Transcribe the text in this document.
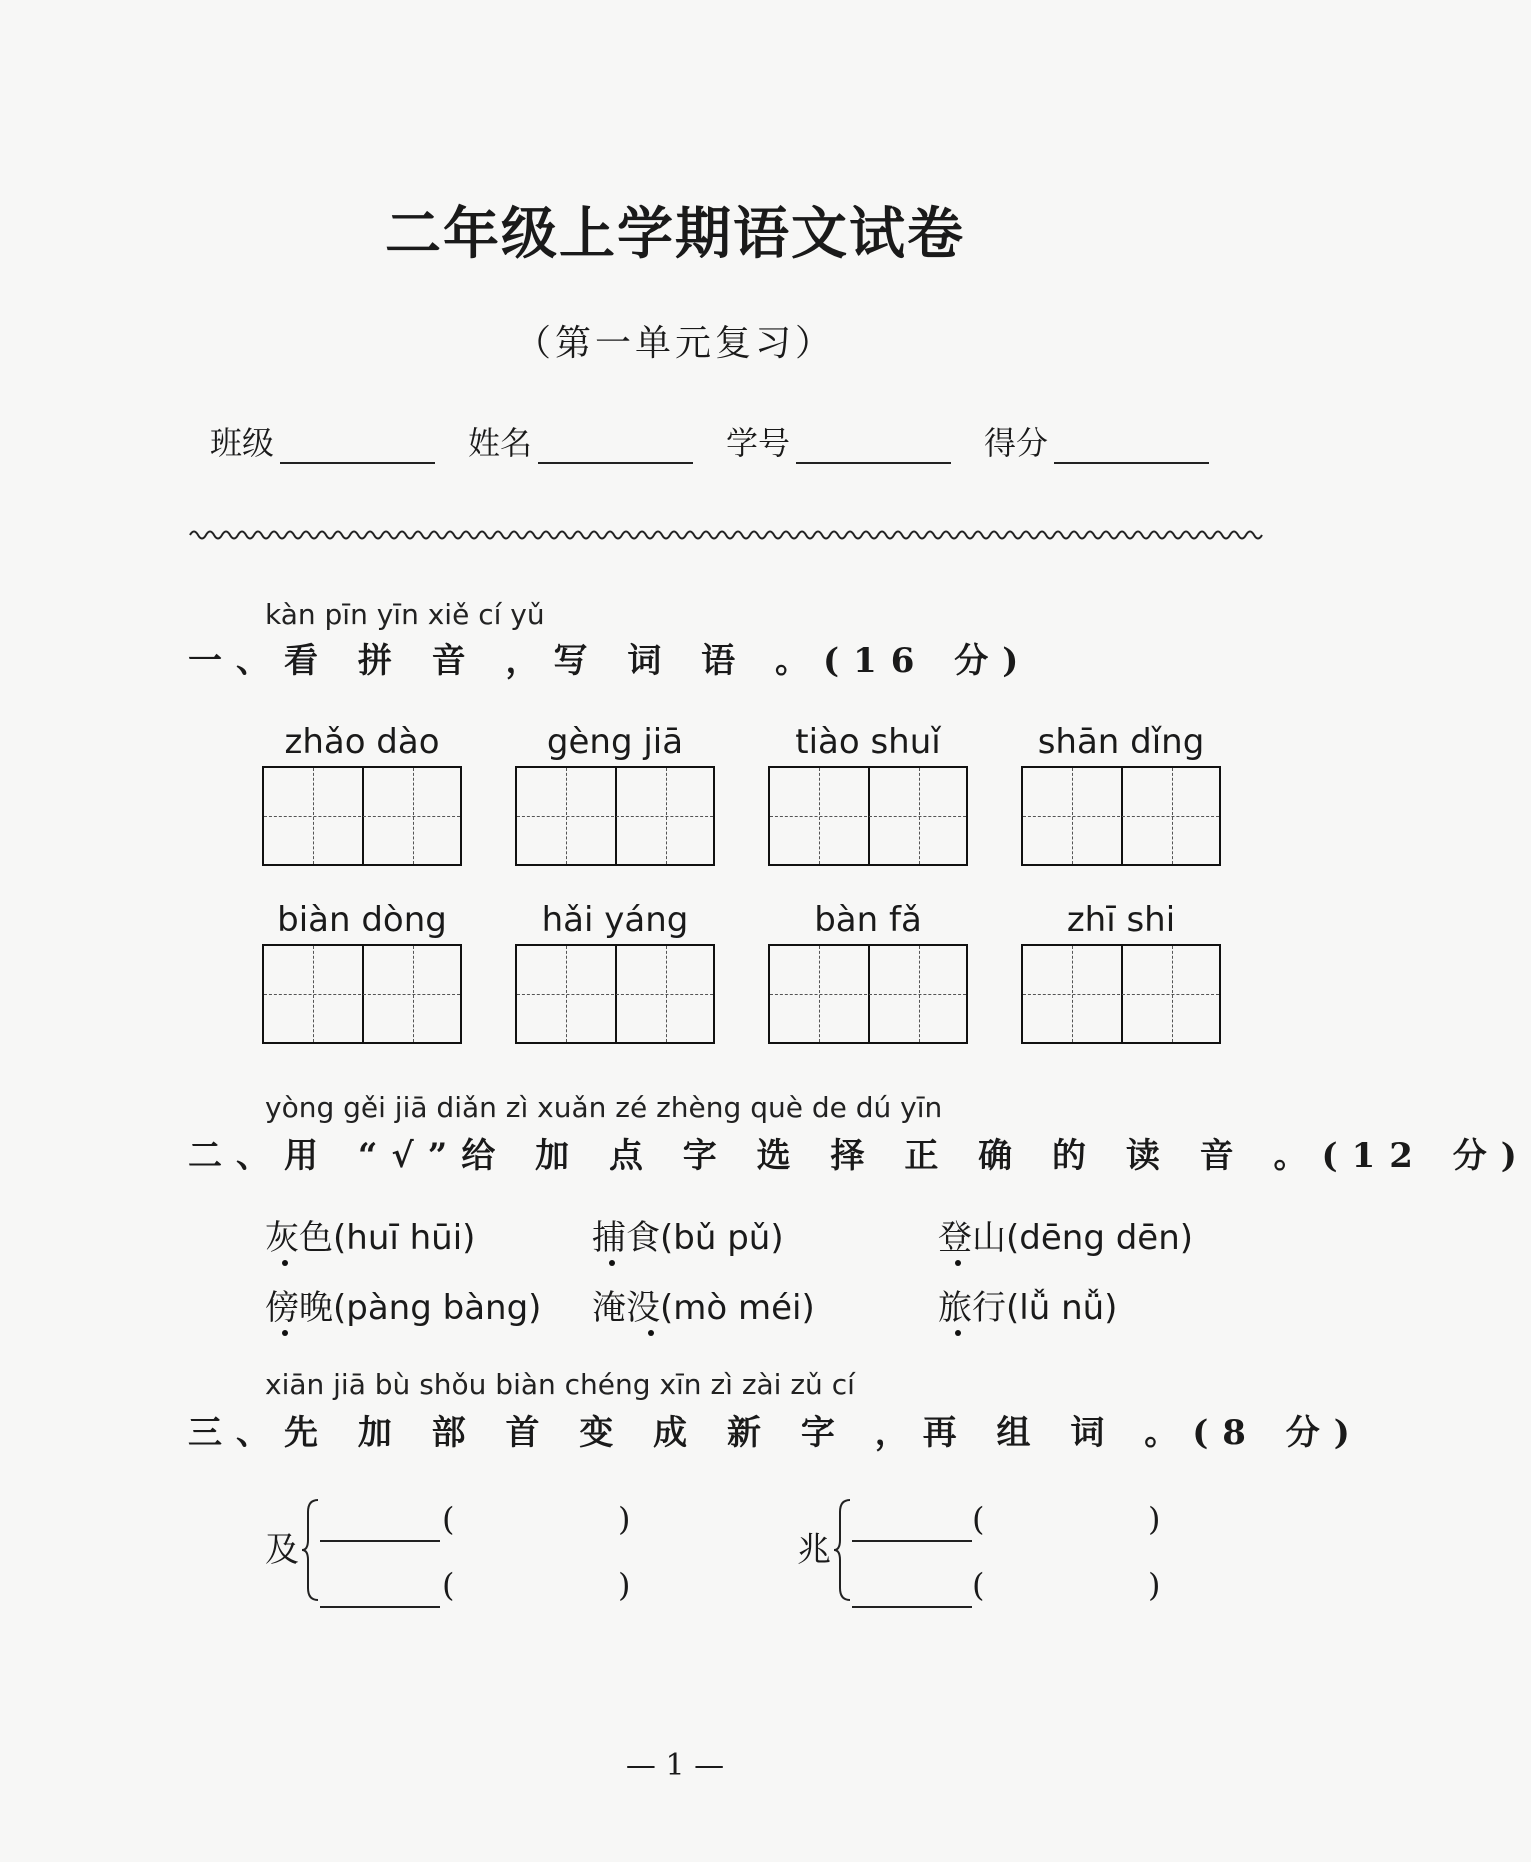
二年级上学期语文试卷
（第一单元复习）
班级	姓名	学号	得分
kàn pīn yīn xiě cí yǔ
一、看 拼 音 ，写 词 语 。(16 分)
zhǎo dào	gèng jiā	tiào shuǐ	shān dǐng
biàn dòng	hǎi yáng	bàn fǎ	zhī shi
yòng gěi jiā diǎn zì xuǎn zé zhèng què de dú yīn
二、用 “√”给 加 点 字 选 择 正 确 的 读 音 。(12 分)
灰色(huī hūi)	捕食(bǔ pǔ)	登山(dēng dēn)
傍晚(pàng bàng) 淹没(mò méi)	旅行(lǚ nǚ)
xiān jiā bù shǒu biàn chéng xīn zì zài zǔ cí
三、先 加 部 首 变 成 新 字 ，再 组 词 。(8 分)
及
(	)
(	)
兆
(	)
(	)
— 1 —
